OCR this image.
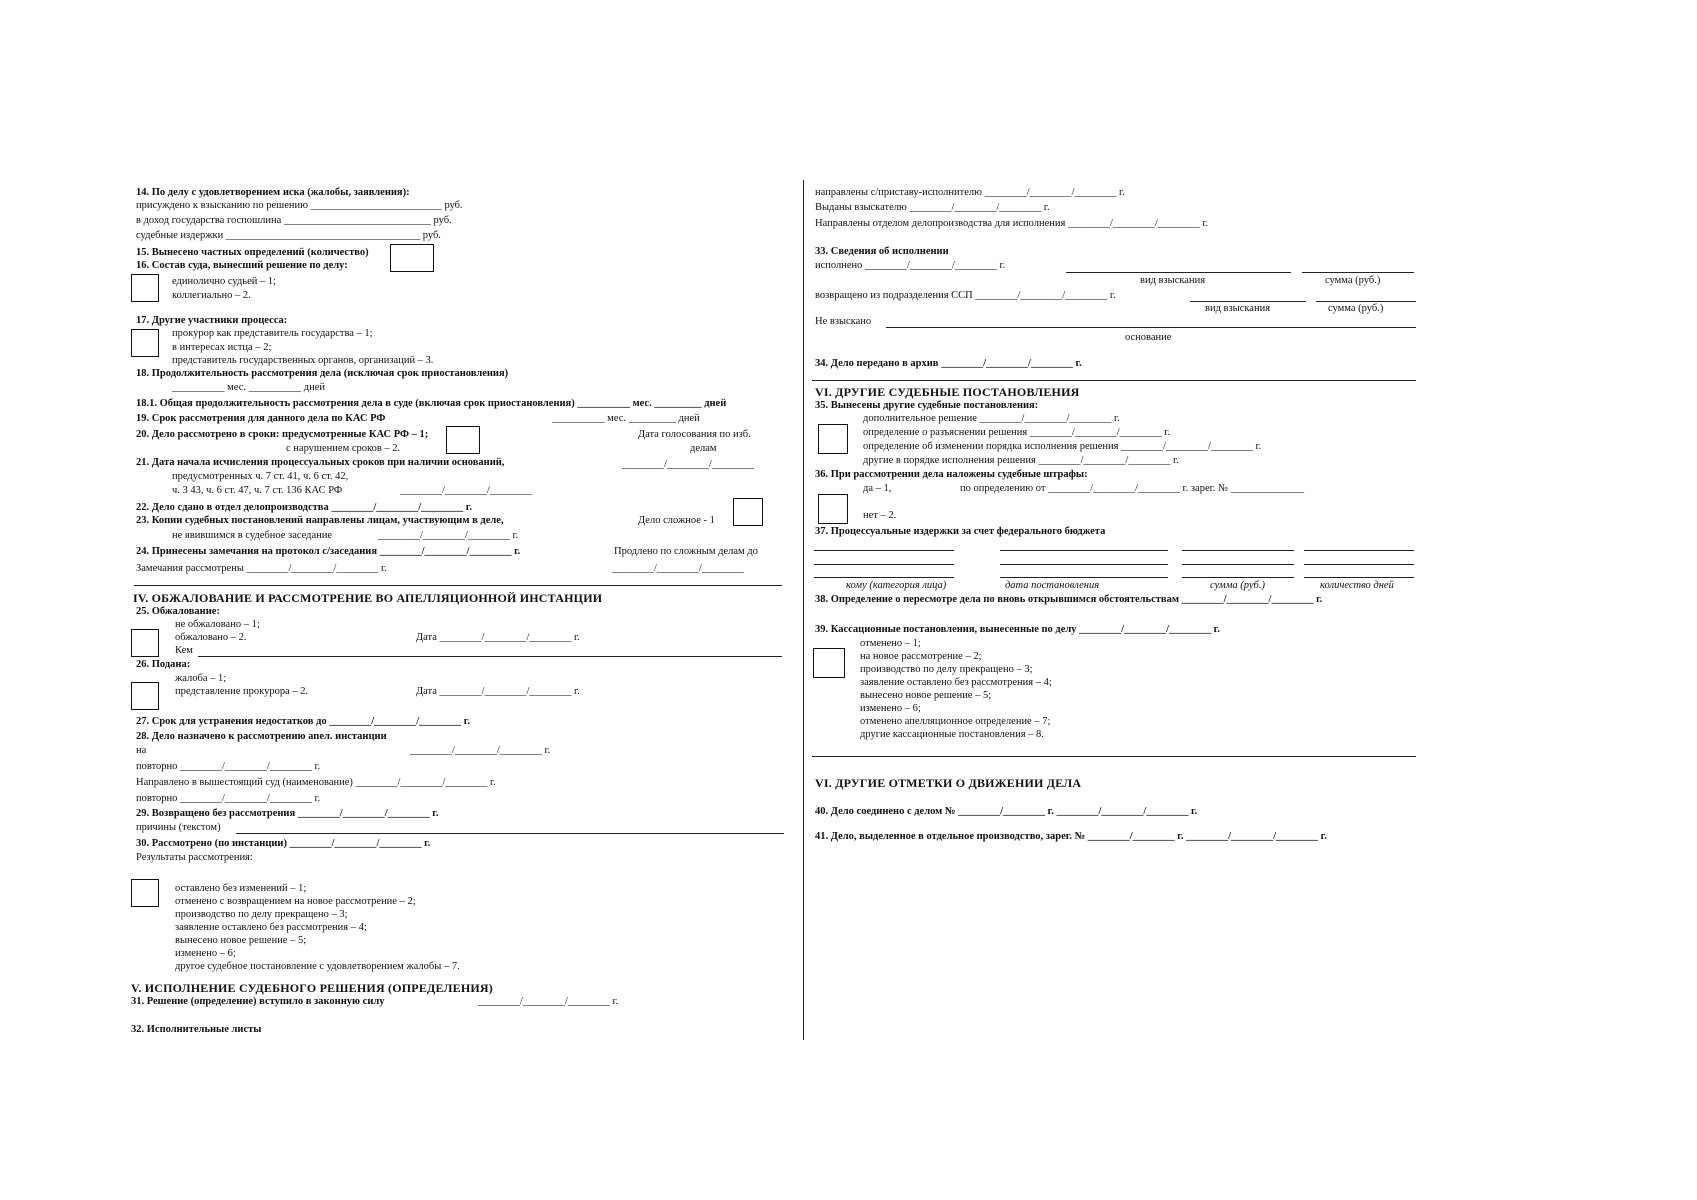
14. По делу с удовлетворением иска (жалобы, заявления):
присуждено к взысканию по решению _________________________ руб.
в доход государства госпошлина ____________________________ руб.
судебные издержки _____________________________________ руб.
15. Вынесено частных определений (количество)
16. Состав суда, вынесший решение по делу:
единолично судьей – 1;
коллегиально – 2.
17. Другие участники процесса:
прокурор как представитель государства – 1;
в интересах истца – 2;
представитель государственных органов, организаций – 3.
18. Продолжительность рассмотрения дела (исключая срок приостановления)
__________ мес. __________ дней
18.1. Общая продолжительность рассмотрения дела в суде (включая срок приостановления) __________ мес. _________ дней
19. Срок рассмотрения для данного дела по КАС РФ	__________ мес. _________ дней
20. Дело рассмотрено в сроки: предусмотренные КАС РФ – 1;
с нарушением сроков – 2.
Дата голосования по изб.
делам
21. Дата начала исчисления процессуальных сроков при наличии оснований,
предусмотренных ч. 7 ст. 41, ч. 6 ст. 42,
ч. 3 43, ч. 6 ст. 47, ч. 7 ст. 136 КАС РФ
________/________/________
________/________/________
22. Дело сдано в отдел делопроизводства ________/________/________ г.
23. Копии судебных постановлений направлены лицам, участвующим в деле,
не явившимся в судебное заседание	________/________/________ г.
Дело сложное - 1
24. Принесены замечания на протокол с/заседания ________/________/________ г.	Продлено по сложным делам до
Замечания рассмотрены ________/________/________ г.	________/________/________
IV. ОБЖАЛОВАНИЕ И РАССМОТРЕНИЕ ВО АПЕЛЛЯЦИОННОЙ ИНСТАНЦИИ
25. Обжалование:
не обжаловано – 1;
обжаловано – 2.	Дата ________/________/________ г.
Кем
26. Подана:
жалоба – 1;
представление прокурора – 2.	Дата ________/________/________ г.
27. Срок для устранения недостатков до ________/________/________ г.
28. Дело назначено к рассмотрению апел. инстанции
на	________/________/________ г.
повторно ________/________/________ г.
Направлено в вышестоящий суд (наименование) ________/________/________ г.
повторно ________/________/________ г.
29. Возвращено без рассмотрения ________/________/________ г.
причины (текстом)
30. Рассмотрено (по инстанции) ________/________/________ г.
Результаты рассмотрения:
оставлено без изменений – 1;
отменено с возвращением на новое рассмотрение – 2;
производство по делу прекращено – 3;
заявление оставлено без рассмотрения – 4;
вынесено новое решение – 5;
изменено – 6;
другое судебное постановление с удовлетворением жалобы – 7.
V. ИСПОЛНЕНИЕ СУДЕБНОГО РЕШЕНИЯ (ОПРЕДЕЛЕНИЯ)
31. Решение (определение) вступило в законную силу	________/________/________ г.
32. Исполнительные листы
направлены с/приставу-исполнителю ________/________/________ г.
Выданы взыскателю ________/________/________ г.
Направлены отделом делопроизводства для исполнения ________/________/________ г.
33. Сведения об исполнении
исполнено ________/________/________ г.
вид взыскания	сумма (руб.)
возвращено из подразделения ССП ________/________/________ г.
вид взыскания	сумма (руб.)
Не взыскано
основание
34. Дело передано в архив ________/________/________ г.
VI. ДРУГИЕ СУДЕБНЫЕ ПОСТАНОВЛЕНИЯ
35. Вынесены другие судебные постановления:
дополнительное решение ________/________/________ г.
определение о разъяснении решения ________/________/________ г.
определение об изменении порядка исполнения решения ________/________/________ г.
другие в порядке исполнения решения ________/________/________ г.
36. При рассмотрении дела наложены судебные штрафы:
да – 1,	по определению от ________/________/________ г. зарег. № ______________
нет – 2.
37. Процессуальные издержки за счет федерального бюджета
кому (категория лица)	дата постановления	сумма (руб.)	количество дней
38. Определение о пересмотре дела по вновь открывшимся обстоятельствам ________/________/________ г.
39. Кассационные постановления, вынесенные по делу ________/________/________ г.
отменено – 1;
на новое рассмотрение – 2;
производство по делу прекращено – 3;
заявление оставлено без рассмотрения – 4;
вынесено новое решение – 5;
изменено – 6;
отменено апелляционное определение – 7;
другие кассационные постановления – 8.
VI. ДРУГИЕ ОТМЕТКИ О ДВИЖЕНИИ ДЕЛА
40. Дело соединено с делом № ________/________ г. ________/________/________ г.
41. Дело, выделенное в отдельное производство, зарег. № ________/________ г. ________/________/________ г.
